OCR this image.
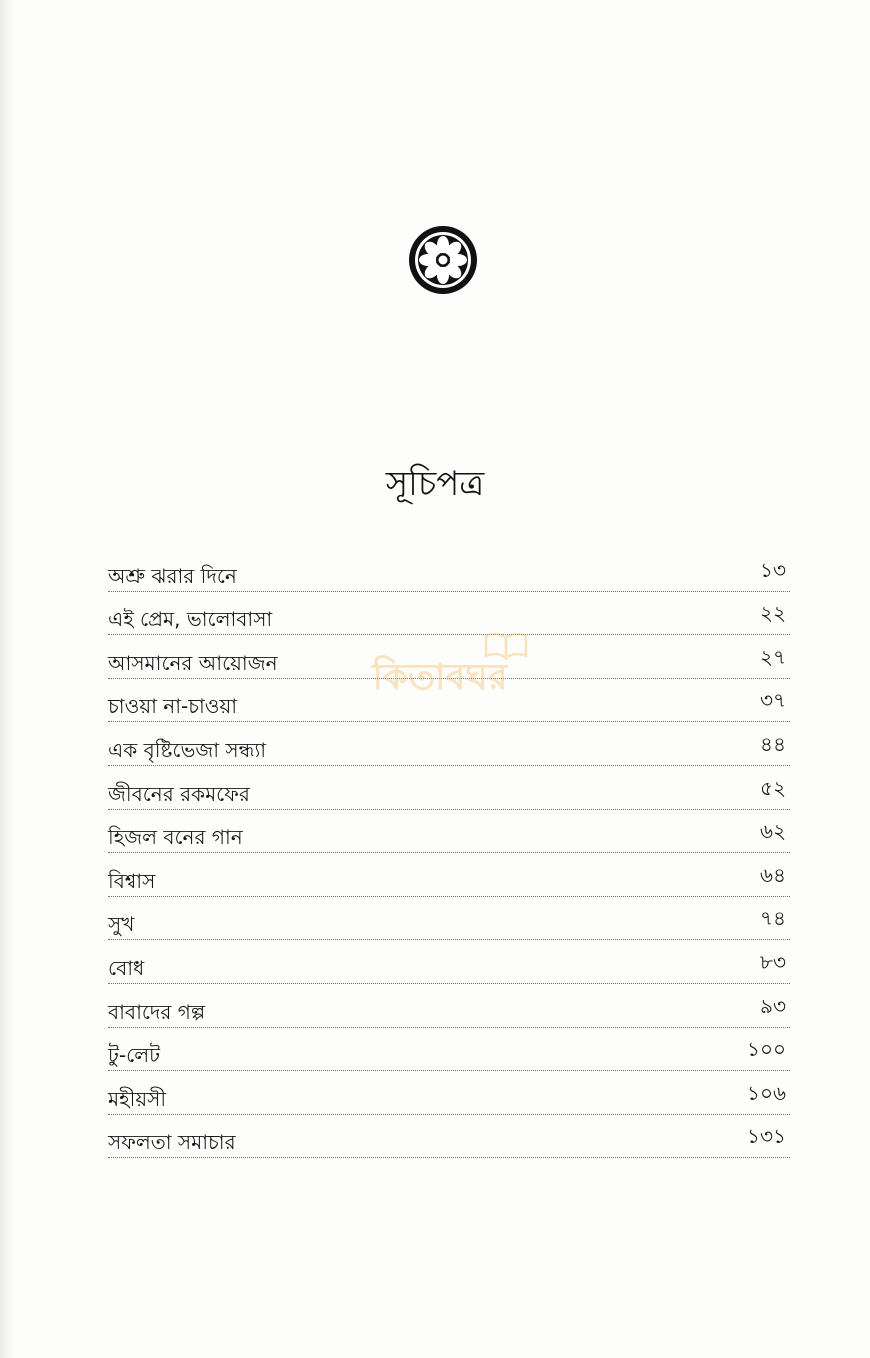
সূচিপত্র
অশ্রু ঝরার দিনে	১৩
এই প্রেম, ভালোবাসা	২২
আসমানের আয়োজন	২৭
চাওয়া না-চাওয়া	৩৭
এক বৃষ্টিভেজা সন্ধ্যা	৪৪
জীবনের রকমফের	৫২
হিজল বনের গান	৬২
বিশ্বাস	৬৪
সুখ	৭৪
বোধ	৮৩
বাবাদের গল্প	৯৩
টু-লেট	১০০
মহীয়সী	১০৬
সফলতা সমাচার	১৩১
কিতাবঘর
